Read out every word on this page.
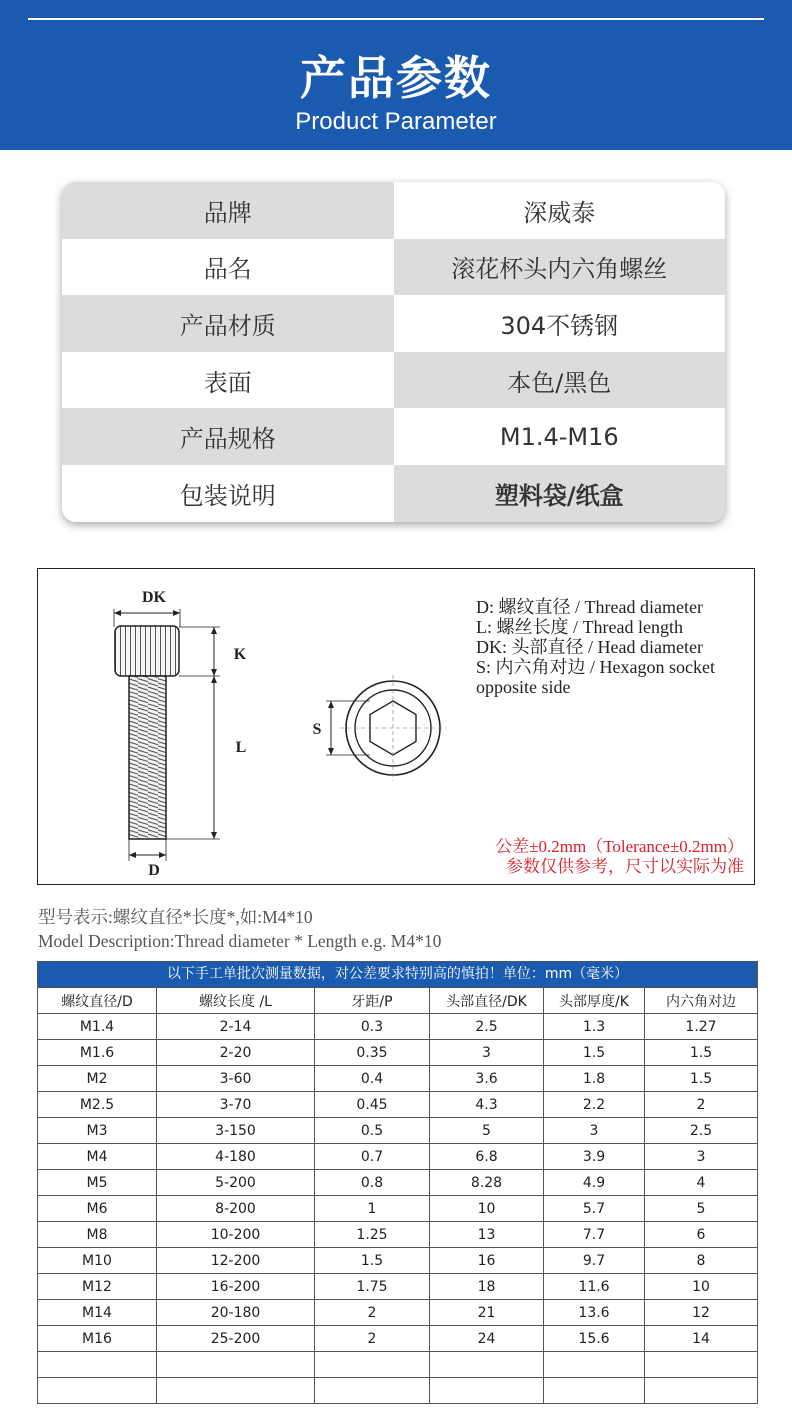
产品参数
Product Parameter
品牌	深威泰
品名	滚花杯头内六角螺丝
产品材质	304不锈钢
表面	本色/黑色
产品规格	M1.4-M16
包装说明	塑料袋/纸盒
DK
K
L
D
S
D: 螺纹直径 / Thread diameter
L: 螺丝长度 / Thread length
DK: 头部直径 / Head diameter
S: 内六角对边 / Hexagon socket
opposite side
公差±0.2mm（Tolerance±0.2mm）
参数仅供参考，尺寸以实际为准
型号表示:螺纹直径*长度*,如:M4*10
Model Description:Thread diameter * Length e.g. M4*10
以下手工单批次测量数据，对公差要求特别高的慎拍！单位：mm（毫米）
螺纹直径/D	螺纹长度 /L	牙距/P	头部直径/DK	头部厚度/K	内六角对边
M1.4	2-14	0.3	2.5	1.3	1.27
M1.6	2-20	0.35	3	1.5	1.5
M2	3-60	0.4	3.6	1.8	1.5
M2.5	3-70	0.45	4.3	2.2	2
M3	3-150	0.5	5	3	2.5
M4	4-180	0.7	6.8	3.9	3
M5	5-200	0.8	8.28	4.9	4
M6	8-200	1	10	5.7	5
M8	10-200	1.25	13	7.7	6
M10	12-200	1.5	16	9.7	8
M12	16-200	1.75	18	11.6	10
M14	20-180	2	21	13.6	12
M16	25-200	2	24	15.6	14
